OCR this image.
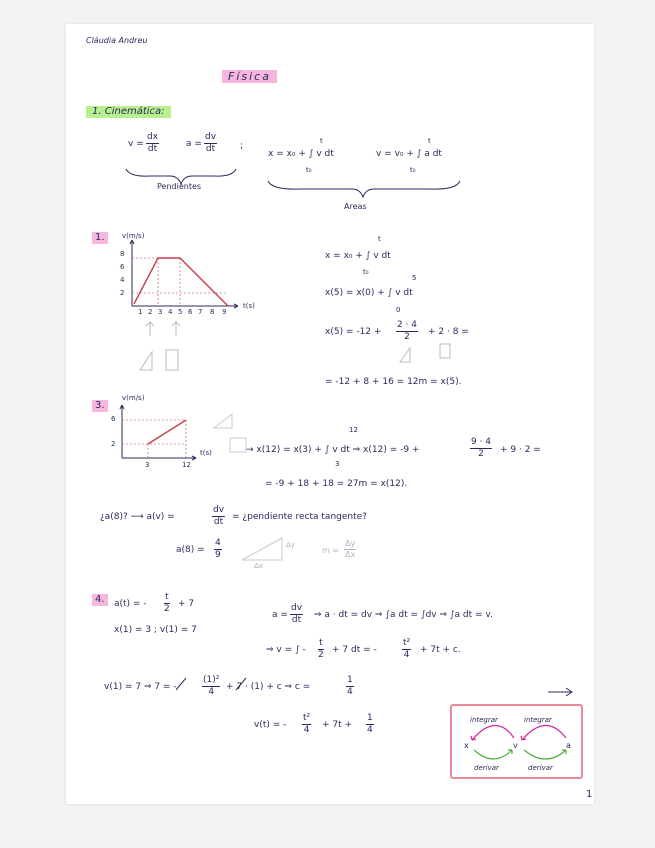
Cláudia Andreu
Física
1. Cinemática:
$v = \frac{dx}{dt}$	$a = \frac{dv}{dt}$	;
x = x₀ + ∫ v dt
t₀
t
v = v₀ + ∫ a dt
t₀
t
Pendientes
Areas
1.	v(m/s)
t(s)
8
6
4
2
1 2 3 4 5 6 7 8 9
x = x₀ + ∫ v dt
t₀
t
x(5) = x(0) + ∫ v dt
0
5
$x(5) = -12 + \frac{2 \cdot 4}{2} + 2 \cdot 8$ =
= -12 + 8 + 16 = 12m = x(5).
3.
v(m/s)
6
2
3	12
t(s)	→ x(12) = x(3) + ∫ v dt ⇒ x(12) = -9 +
3
12
$\frac{9 \cdot 4}{2} + 9 \cdot 2$ =
= -9 + 18 + 18 = 27m = x(12).
¿a(8)? ⟶ a(v) =	$\frac{dv}{dt}$ = ¿pendiente recta tangente?
$a(8) = \frac{4}{9}$	Δy
Δx
$m = \frac{\Delta y}{\Delta x}$
4.	a(t) = - $\frac{t}{2} + 7$
x(1) = 3 ; v(1) = 7
$a = \frac{dv}{dt}$ ⇒ a · dt = dv ⇒ ∫a dt = ∫dv ⇒ ∫a dt = v.
⇒ v = ∫ - $\frac{t}{2} + 7$ dt = -	$\frac{\text{t²}}{4} + 7t + c$.
v(1) = 7 ⇒ 7 = -	$\frac{\text{(1)²}}{4} + 7 \cdot (1) + c$ ⇒ c =	$\frac{1}{4}$
v(t) = - $\frac{\text{t²}}{4} + 7t + \frac{1}{4}$	integrar	integrar
x	v	a
derivar	derivar
1
